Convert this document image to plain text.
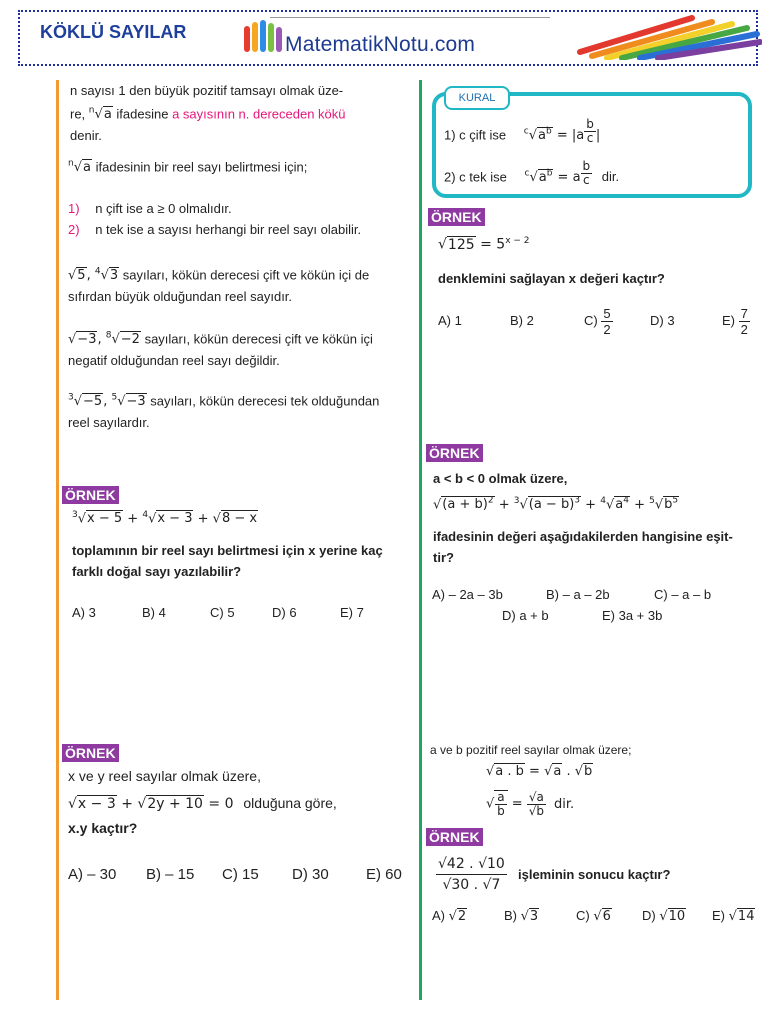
KÖKLÜ SAYILAR
MatematikNotu.com
n sayısı 1 den büyük pozitif tamsayı olmak üze-
re, $^n$√a ifadesine a sayısının n. dereceden kökü
denir.
$^n$√a ifadesinin bir reel sayı belirtmesi için;
1) n çift ise a ≥ 0 olmalıdır.
2) n tek ise a sayısı herhangi bir reel sayı olabilir.
√5, $^4$√3 sayıları, kökün derecesi çift ve kökün içi de
sıfırdan büyük olduğundan reel sayıdır.
√−3, $^8$√−2 sayıları, kökün derecesi çift ve kökün içi
negatif olduğundan reel sayı değildir.
$^3$√−5, $^5$√−3 sayıları, kökün derecesi tek olduğundan
reel sayılardır.
ÖRNEK
$^3$√x − 5 + $^4$√x − 3 + √8 − x
toplamının bir reel sayı belirtmesi için x yerine kaç
farklı doğal sayı yazılabilir?
A) 3	B) 4	C) 5	D) 6	E) 7
ÖRNEK
x ve y reel sayılar olmak üzere,
√x − 3 + √2y + 10 = 0 olduğuna göre,
x.y kaçtır?
A) – 30 B) – 15 C) 15 D) 30 E) 60
KURAL
1) c çift ise $^c√a^b = |a$ $^{\frac{b}{c}}$ |
2) c tek ise $^c√a^b = a$ $^{\frac{b}{c}}$ dir.
ÖRNEK
$√125 = 5^{x - 2}$
denklemini sağlayan x değeri kaçtır?
A) 1	B) 2	$C) \frac{5}{2}$	D) 3	$E) \frac{7}{2}$
ÖRNEK
a < b < 0 olmak üzere,
$√(a + b)^2 + ^3√(a - b)^3 + ^4√a^4 + ^5√b^5$
ifadesinin değeri aşağıdakilerden hangisine eşit-
tir?
A) – 2a – 3b	B) – a – 2b	C) – a – b
D) a + b	E) 3a + 3b
a ve b pozitif reel sayılar olmak üzere;
√a . b = √a . √b
√ $\frac{a}{b} = \frac{√a}{√b}$ dir.
ÖRNEK
$\frac{√42 . √10}{√30 . √7}$ işleminin sonucu kaçtır?
A) √2	B) √3	C) √6 D) √10 E) √14
